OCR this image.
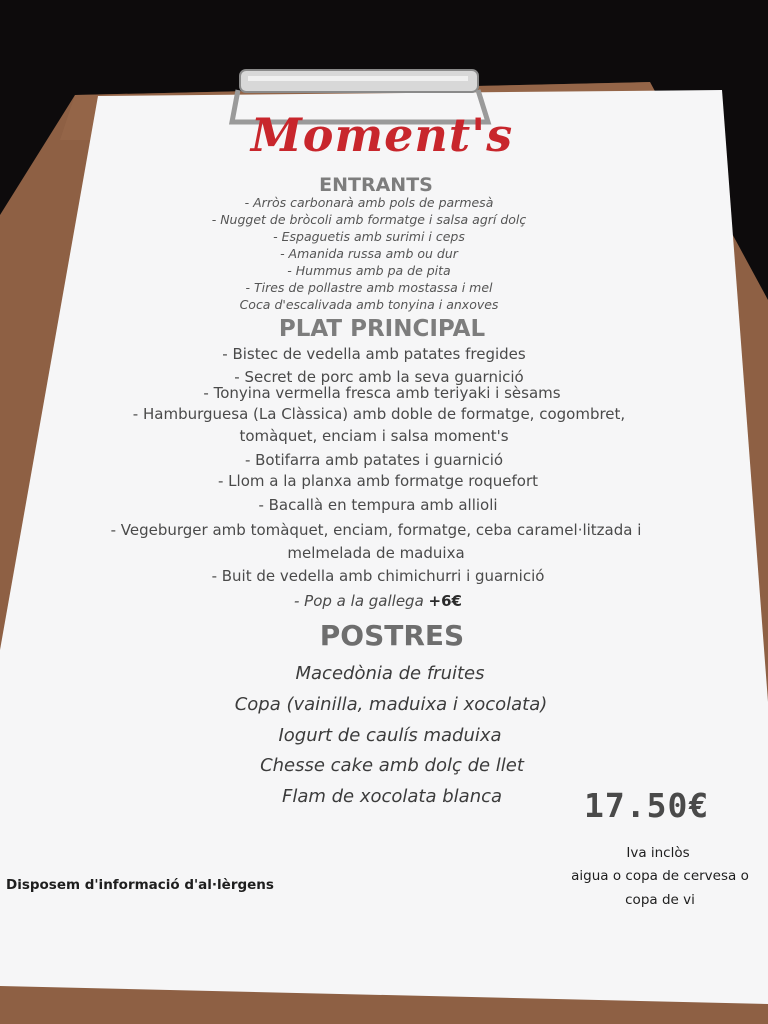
Moment's
ENTRANTS
- Arròs carbonarà amb pols de parmesà
- Nugget de bròcoli amb formatge i salsa agrí dolç
- Espaguetis amb surimi i ceps
- Amanida russa amb ou dur
- Hummus amb pa de pita
- Tires de pollastre amb mostassa i mel
Coca d'escalivada amb tonyina i anxoves
PLAT PRINCIPAL
- Bistec de vedella amb patates fregides
- Secret de porc amb la seva guarnició
- Tonyina vermella fresca amb teriyaki i sèsams
- Hamburguesa (La Clàssica) amb doble de formatge, cogombret,
tomàquet, enciam i salsa moment's
- Botifarra amb patates i guarnició
- Llom a la planxa amb formatge roquefort
- Bacallà en tempura amb allioli
- Vegeburger amb tomàquet, enciam, formatge, ceba caramel·litzada i
melmelada de maduixa
- Buit de vedella amb chimichurri i guarnició
- Pop a la gallega +6€
POSTRES
Macedònia de fruites
Copa (vainilla, maduixa i xocolata)
Iogurt de caulís maduixa
Chesse cake amb dolç de llet
Flam de xocolata blanca 17.50€
Iva inclòs
aigua o copa de cervesa o
copa de vi
Disposem d'informació d'al·lèrgens
